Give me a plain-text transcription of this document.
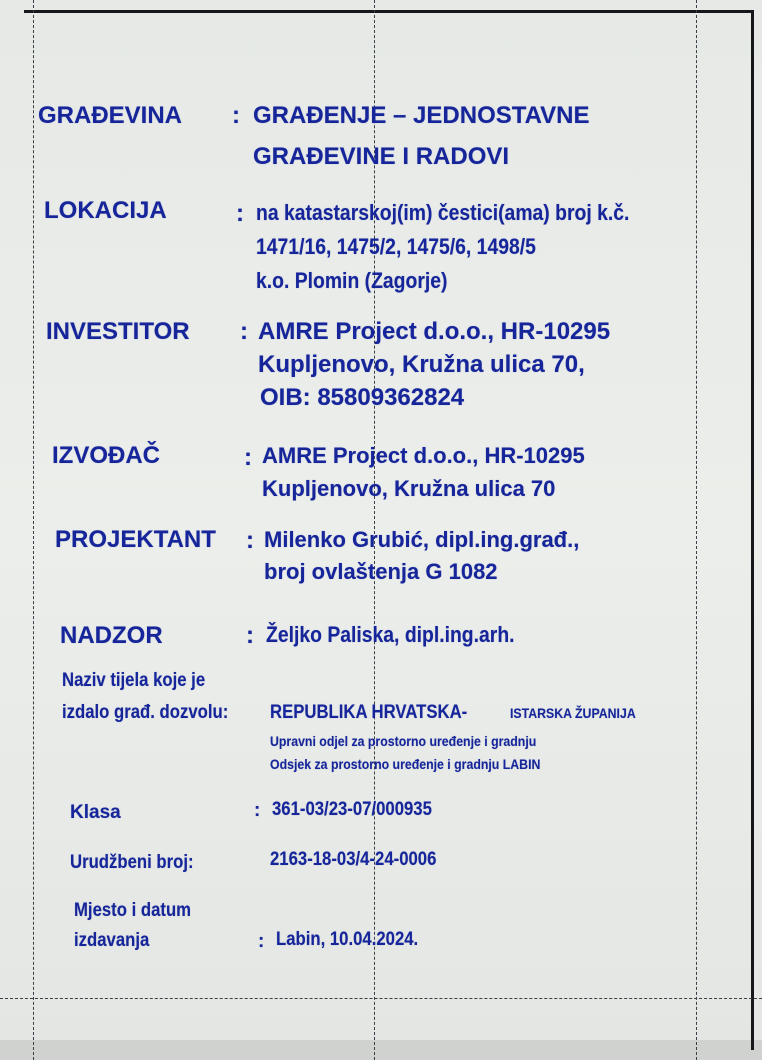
GRAĐEVINA : GRAĐENJE – JEDNOSTAVNE
GRAĐEVINE I RADOVI
LOKACIJA	: na katastarskoj(im) čestici(ama) broj k.č.
1471/16, 1475/2, 1475/6, 1498/5
k.o. Plomin (Zagorje)
INVESTITOR : AMRE Project d.o.o., HR-10295
Kupljenovo, Kružna ulica 70,
OIB: 85809362824
IZVOĐAČ	: AMRE Project d.o.o., HR-10295
Kupljenovo, Kružna ulica 70
PROJEKTANT : Milenko Grubić, dipl.ing.građ.,
broj ovlaštenja G 1082
NADZOR	: Željko Paliska, dipl.ing.arh.
Naziv tijela koje je
izdalo građ. dozvolu: REPUBLIKA HRVATSKA-	ISTARSKA ŽUPANIJA
Upravni odjel za prostorno uređenje i gradnju
Odsjek za prostorno uređenje i gradnju LABIN
Klasa	: 361-03/23-07/000935
Urudžbeni broj:	2163-18-03/4-24-0006
Mjesto i datum
izdavanja	: Labin, 10.04.2024.
